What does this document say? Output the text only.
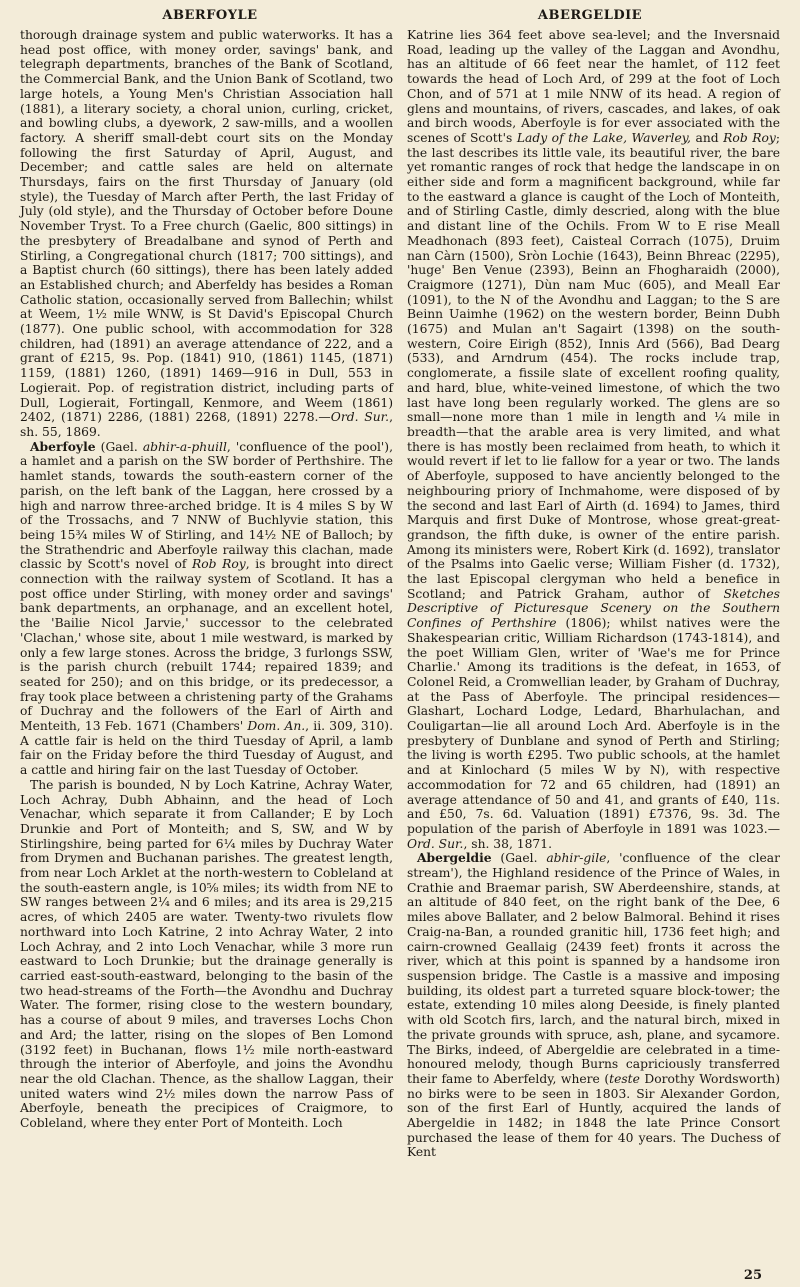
ABERFOYLE	ABERGELDIE

thorough drainage system and public waterworks. It has a head post office, with money order, savings' bank, and telegraph departments, branches of the Bank of Scotland, the Commercial Bank, and the Union Bank of Scotland, two large hotels, a Young Men's Christian Association hall (1881), a literary society, a choral union, curling, cricket, and bowling clubs, a dyework, 2 saw-mills, and a woollen factory. A sheriff small-debt court sits on the Monday following the first Saturday of April, August, and December; and cattle sales are held on alternate Thursdays, fairs on the first Thursday of January (old style), the Tuesday of March after Perth, the last Friday of July (old style), and the Thursday of October before Doune November Tryst. To a Free church (Gaelic, 800 sittings) in the presbytery of Breadalbane and synod of Perth and Stirling, a Congregational church (1817; 700 sittings), and a Baptist church (60 sittings), there has been lately added an Established church; and Aberfeldy has besides a Roman Catholic station, occasionally served from Ballechin; whilst at Weem, 1½ mile WNW, is St David's Episcopal Church (1877). One public school, with accommodation for 328 children, had (1891) an average attendance of 222, and a grant of £215, 9s. Pop. (1841) 910, (1861) 1145, (1871) 1159, (1881) 1260, (1891) 1469—916 in Dull, 553 in Logierait. Pop. of registration district, including parts of Dull, Logierait, Fortingall, Kenmore, and Weem (1861) 2402, (1871) 2286, (1881) 2268, (1891) 2278.—Ord. Sur., sh. 55, 1869.

Aberfoyle (Gael. abhir-a-phuill, 'confluence of the pool'), a hamlet and a parish on the SW border of Perthshire. The hamlet stands, towards the south-eastern corner of the parish, on the left bank of the Laggan, here crossed by a high and narrow three-arched bridge. It is 4 miles S by W of the Trossachs, and 7 NNW of Buchlyvie station, this being 15¾ miles W of Stirling, and 14½ NE of Balloch; by the Strathendric and Aberfoyle railway this clachan, made classic by Scott's novel of Rob Roy, is brought into direct connection with the railway system of Scotland. It has a post office under Stirling, with money order and savings' bank departments, an orphanage, and an excellent hotel, the 'Bailie Nicol Jarvie,' successor to the celebrated 'Clachan,' whose site, about 1 mile westward, is marked by only a few large stones. Across the bridge, 3 furlongs SSW, is the parish church (rebuilt 1744; repaired 1839; and seated for 250); and on this bridge, or its predecessor, a fray took place between a christening party of the Grahams of Duchray and the followers of the Earl of Airth and Menteith, 13 Feb. 1671 (Chambers' Dom. An., ii. 309, 310). A cattle fair is held on the third Tuesday of April, a lamb fair on the Friday before the third Tuesday of August, and a cattle and hiring fair on the last Tuesday of October.

The parish is bounded, N by Loch Katrine, Achray Water, Loch Achray, Dubh Abhainn, and the head of Loch Venachar, which separate it from Callander; E by Loch Drunkie and Port of Monteith; and S, SW, and W by Stirlingshire, being parted for 6¼ miles by Duchray Water from Drymen and Buchanan parishes. The greatest length, from near Loch Arklet at the north-western to Cobleland at the south-eastern angle, is 10⅝ miles; its width from NE to SW ranges between 2¼ and 6 miles; and its area is 29,215 acres, of which 2405 are water. Twenty-two rivulets flow northward into Loch Katrine, 2 into Achray Water, 2 into Loch Achray, and 2 into Loch Venachar, while 3 more run eastward to Loch Drunkie; but the drainage generally is carried east-south-eastward, belonging to the basin of the two head-streams of the Forth—the Avondhu and Duchray Water. The former, rising close to the western boundary, has a course of about 9 miles, and traverses Lochs Chon and Ard; the latter, rising on the slopes of Ben Lomond (3192 feet) in Buchanan, flows 1½ mile north-eastward through the interior of Aberfoyle, and joins the Avondhu near the old Clachan. Thence, as the shallow Laggan, their united waters wind 2½ miles down the narrow Pass of Aberfoyle, beneath the precipices of Craigmore, to Cobleland, where they enter Port of Monteith. Loch

Katrine lies 364 feet above sea-level; and the Inversnaid Road, leading up the valley of the Laggan and Avondhu, has an altitude of 66 feet near the hamlet, of 112 feet towards the head of Loch Ard, of 299 at the foot of Loch Chon, and of 571 at 1 mile NNW of its head. A region of glens and mountains, of rivers, cascades, and lakes, of oak and birch woods, Aberfoyle is for ever associated with the scenes of Scott's Lady of the Lake, Waverley, and Rob Roy; the last describes its little vale, its beautiful river, the bare yet romantic ranges of rock that hedge the landscape in on either side and form a magnificent background, while far to the eastward a glance is caught of the Loch of Monteith, and of Stirling Castle, dimly descried, along with the blue and distant line of the Ochils. From W to E rise Meall Meadhonach (893 feet), Caisteal Corrach (1075), Druim nan Càrn (1500), Sròn Lochie (1643), Beinn Bhreac (2295), 'huge' Ben Venue (2393), Beinn an Fhogharaidh (2000), Craigmore (1271), Dùn nam Muc (605), and Meall Ear (1091), to the N of the Avondhu and Laggan; to the S are Beinn Uaimhe (1962) on the western border, Beinn Dubh (1675) and Mulan an't Sagairt (1398) on the south-western, Coire Eirigh (852), Innis Ard (566), Bad Dearg (533), and Arndrum (454). The rocks include trap, conglomerate, a fissile slate of excellent roofing quality, and hard, blue, white-veined limestone, of which the two last have long been regularly worked. The glens are so small—none more than 1 mile in length and ¼ mile in breadth—that the arable area is very limited, and what there is has mostly been reclaimed from heath, to which it would revert if let to lie fallow for a year or two. The lands of Aberfoyle, supposed to have anciently belonged to the neighbouring priory of Inchmahome, were disposed of by the second and last Earl of Airth (d. 1694) to James, third Marquis and first Duke of Montrose, whose great-great-grandson, the fifth duke, is owner of the entire parish. Among its ministers were, Robert Kirk (d. 1692), translator of the Psalms into Gaelic verse; William Fisher (d. 1732), the last Episcopal clergyman who held a benefice in Scotland; and Patrick Graham, author of Sketches Descriptive of Picturesque Scenery on the Southern Confines of Perthshire (1806); whilst natives were the Shakespearian critic, William Richardson (1743-1814), and the poet William Glen, writer of 'Wae's me for Prince Charlie.' Among its traditions is the defeat, in 1653, of Colonel Reid, a Cromwellian leader, by Graham of Duchray, at the Pass of Aberfoyle. The principal residences—Glashart, Lochard Lodge, Ledard, Bharhulachan, and Couligartan—lie all around Loch Ard. Aberfoyle is in the presbytery of Dunblane and synod of Perth and Stirling; the living is worth £295. Two public schools, at the hamlet and at Kinlochard (5 miles W by N), with respective accommodation for 72 and 65 children, had (1891) an average attendance of 50 and 41, and grants of £40, 11s. and £50, 7s. 6d. Valuation (1891) £7376, 9s. 3d. The population of the parish of Aberfoyle in 1891 was 1023.—Ord. Sur., sh. 38, 1871.

Abergeldie (Gael. abhir-gile, 'confluence of the clear stream'), the Highland residence of the Prince of Wales, in Crathie and Braemar parish, SW Aberdeenshire, stands, at an altitude of 840 feet, on the right bank of the Dee, 6 miles above Ballater, and 2 below Balmoral. Behind it rises Craig-na-Ban, a rounded granitic hill, 1736 feet high; and cairn-crowned Geallaig (2439 feet) fronts it across the river, which at this point is spanned by a handsome iron suspension bridge. The Castle is a massive and imposing building, its oldest part a turreted square block-tower; the estate, extending 10 miles along Deeside, is finely planted with old Scotch firs, larch, and the natural birch, mixed in the private grounds with spruce, ash, plane, and sycamore. The Birks, indeed, of Abergeldie are celebrated in a time-honoured melody, though Burns capriciously transferred their fame to Aberfeldy, where (teste Dorothy Wordsworth) no birks were to be seen in 1803. Sir Alexander Gordon, son of the first Earl of Huntly, acquired the lands of Abergeldie in 1482; in 1848 the late Prince Consort purchased the lease of them for 40 years. The Duchess of Kent

25
